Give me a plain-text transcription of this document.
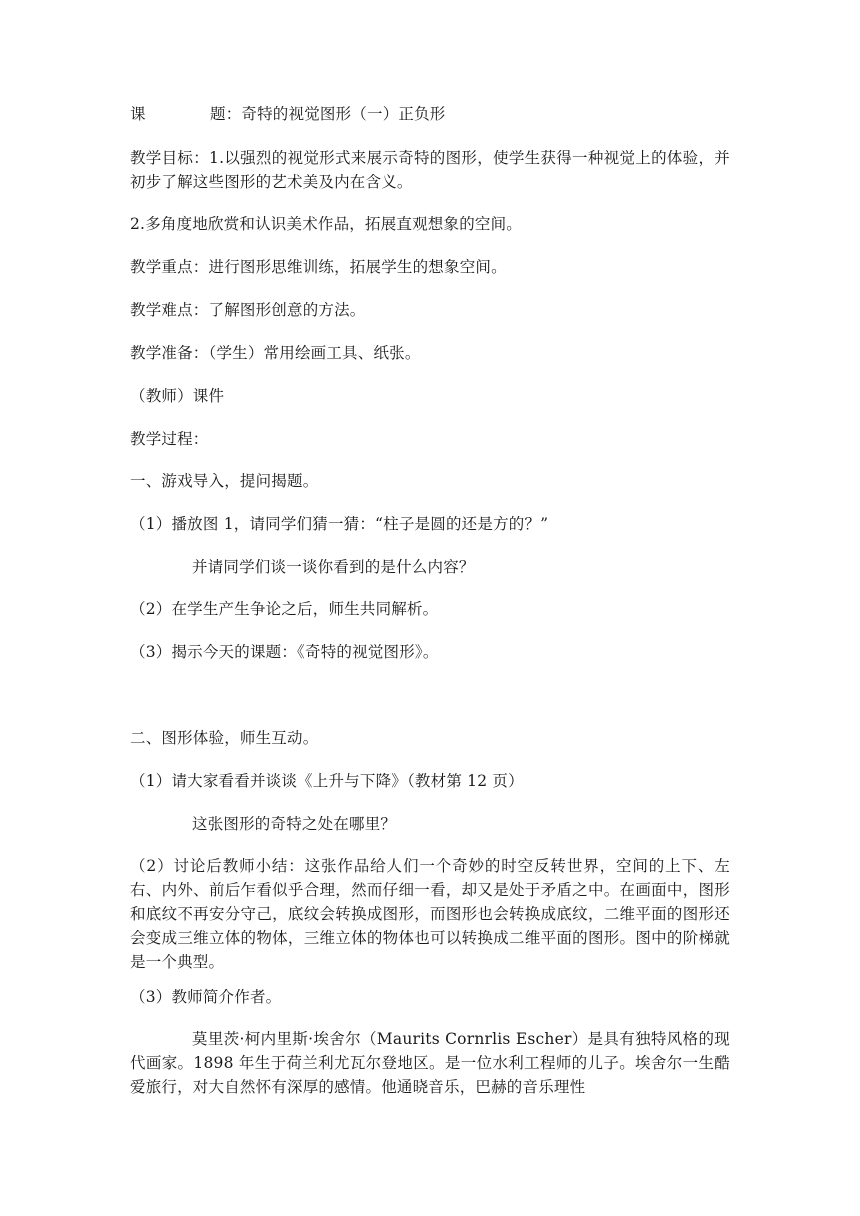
课	题：奇特的视觉图形（一）正负形
教学目标：1.以强烈的视觉形式来展示奇特的图形，使学生获得一种视觉上的体验，并初步了解这些图形的艺术美及内在含义。
2.多角度地欣赏和认识美术作品，拓展直观想象的空间。
教学重点：进行图形思维训练，拓展学生的想象空间。
教学难点：了解图形创意的方法。
教学准备：（学生）常用绘画工具、纸张。
（教师）课件
教学过程：
一、游戏导入，提问揭题。
（1）播放图 1，请同学们猜一猜：“柱子是圆的还是方的？”
并请同学们谈一谈你看到的是什么内容？
（2）在学生产生争论之后，师生共同解析。
（3）揭示今天的课题：《奇特的视觉图形》。
二、图形体验，师生互动。
（1）请大家看看并谈谈《上升与下降》（教材第 12 页）
这张图形的奇特之处在哪里？
（2）讨论后教师小结：这张作品给人们一个奇妙的时空反转世界，空间的上下、左右、内外、前后乍看似乎合理，然而仔细一看，却又是处于矛盾之中。在画面中，图形和底纹不再安分守己，底纹会转换成图形，而图形也会转换成底纹，二维平面的图形还会变成三维立体的物体，三维立体的物体也可以转换成二维平面的图形。图中的阶梯就是一个典型。
（3）教师简介作者。
莫里茨·柯内里斯·埃舍尔（Maurits Cornrlis Escher）是具有独特风格的现代画家。1898 年生于荷兰利尤瓦尔登地区。是一位水利工程师的儿子。埃舍尔一生酷爱旅行，对大自然怀有深厚的感情。他通晓音乐，巴赫的音乐理性
